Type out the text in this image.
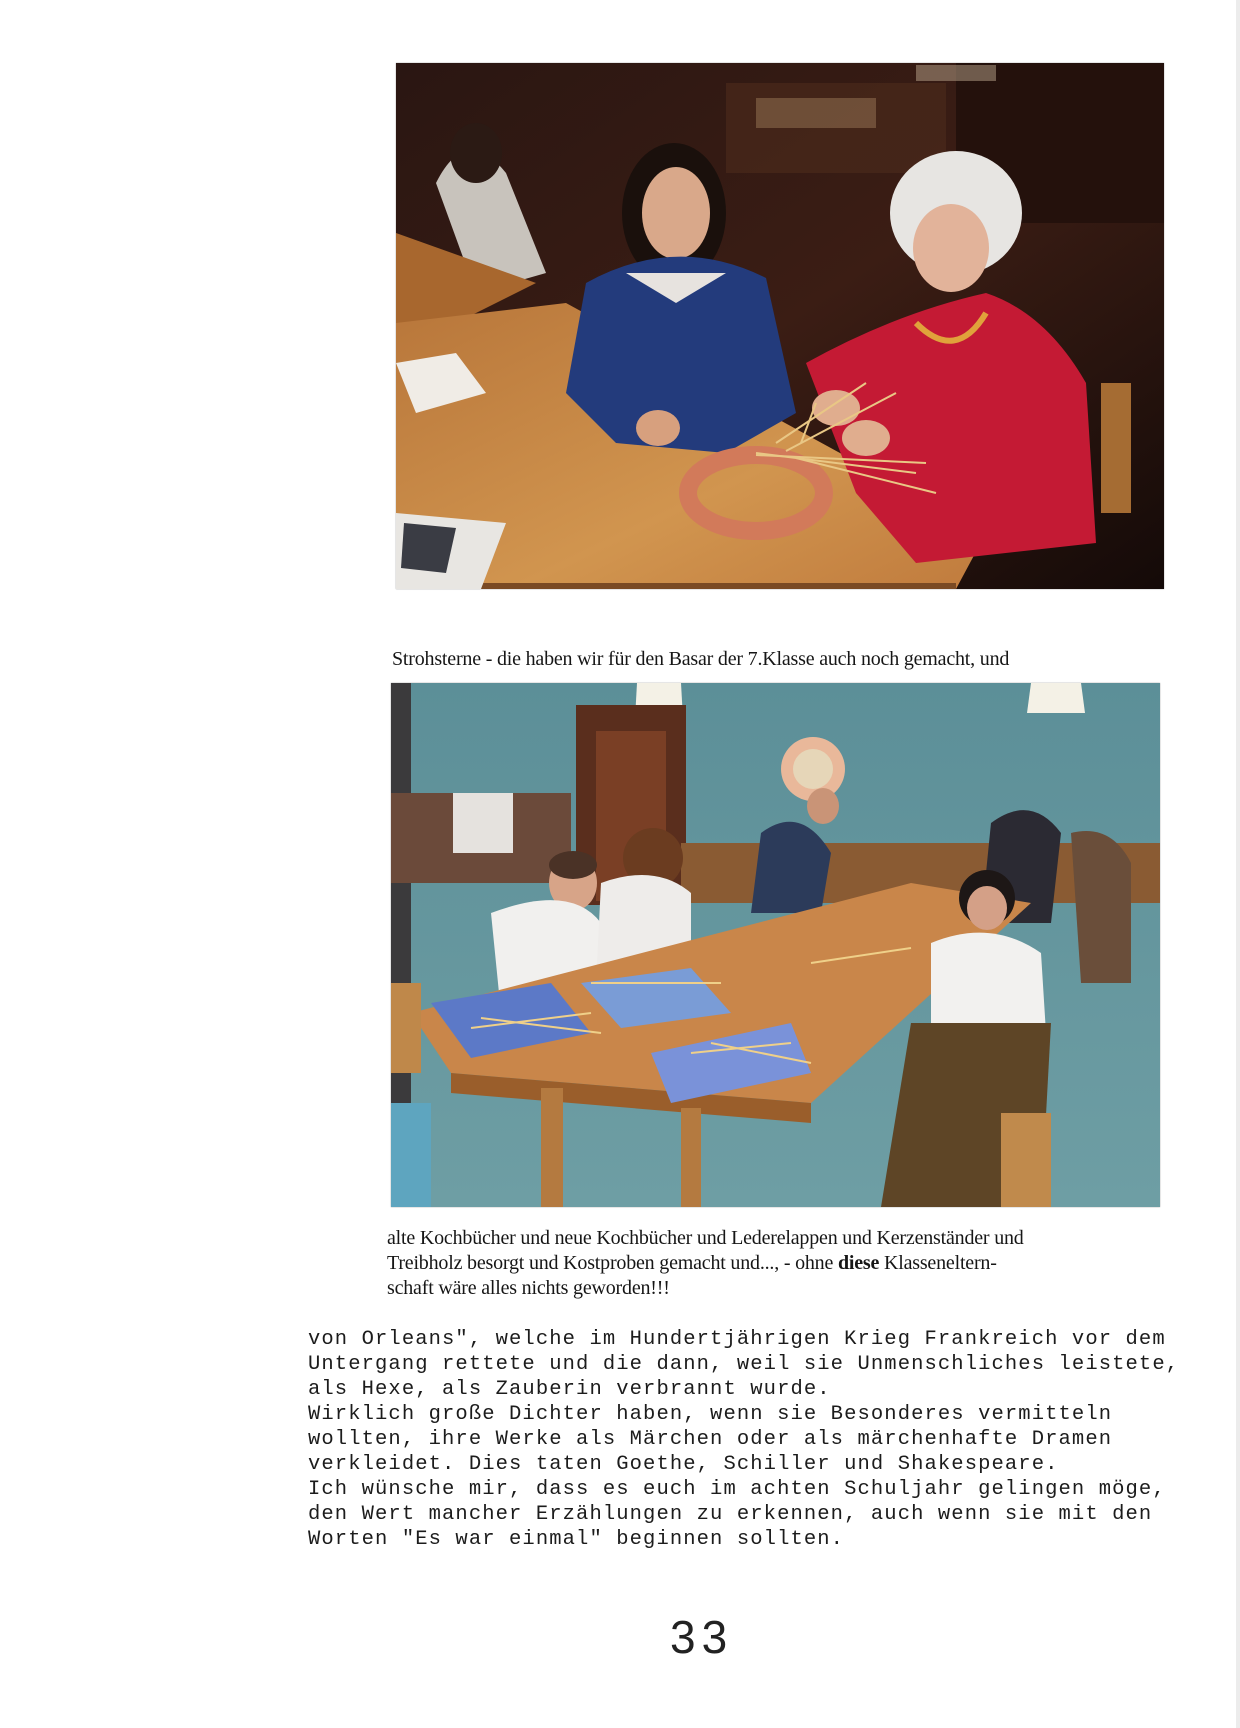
Strohsterne - die haben wir für den Basar der 7.Klasse auch noch gemacht, und
alte Kochbücher und neue Kochbücher und Lederelappen und Kerzenständer und
Treibholz besorgt und Kostproben gemacht und..., - ohne diese Klasseneltern-
schaft wäre alles nichts geworden!!!
von Orleans", welche im Hundertjährigen Krieg Frankreich vor dem
Untergang rettete und die dann, weil sie Unmenschliches leistete,
als Hexe, als Zauberin verbrannt wurde.
Wirklich große Dichter haben, wenn sie Besonderes vermitteln
wollten, ihre Werke als Märchen oder als märchenhafte Dramen
verkleidet. Dies taten Goethe, Schiller und Shakespeare.
Ich wünsche mir, dass es euch im achten Schuljahr gelingen möge,
den Wert mancher Erzählungen zu erkennen, auch wenn sie mit den
Worten "Es war einmal" beginnen sollten.
33
